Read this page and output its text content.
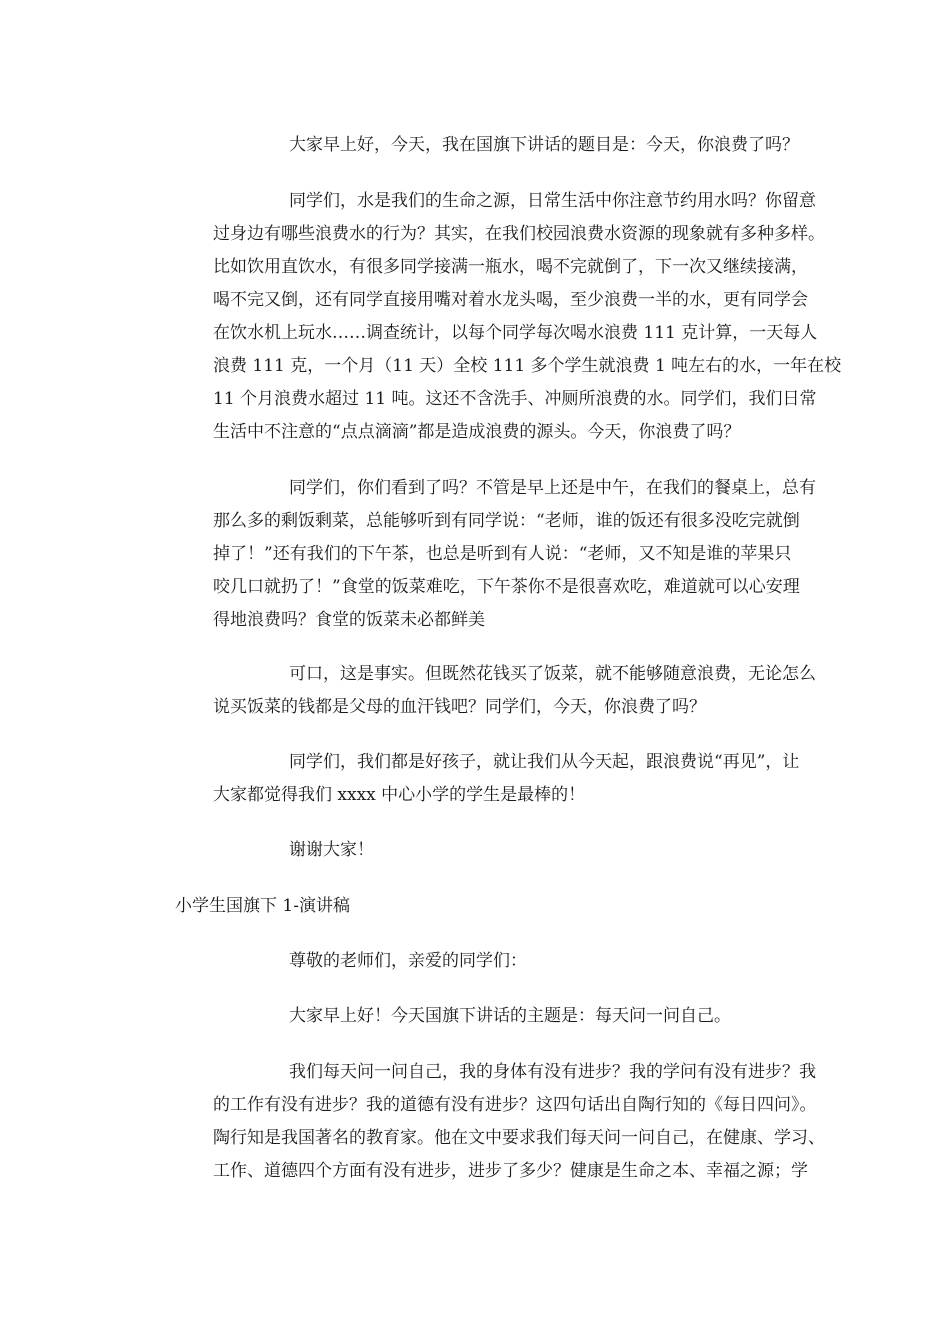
大家早上好，今天，我在国旗下讲话的题目是：今天，你浪费了吗？
同学们，水是我们的生命之源，日常生活中你注意节约用水吗？你留意
过身边有哪些浪费水的行为？其实，在我们校园浪费水资源的现象就有多种多样。
比如饮用直饮水，有很多同学接满一瓶水，喝不完就倒了，下一次又继续接满，
喝不完又倒，还有同学直接用嘴对着水龙头喝，至少浪费一半的水，更有同学会
在饮水机上玩水……调查统计，以每个同学每次喝水浪费 111 克计算，一天每人
浪费 111 克，一个月（11 天）全校 111 多个学生就浪费 1 吨左右的水，一年在校
11 个月浪费水超过 11 吨。这还不含洗手、冲厕所浪费的水。同学们，我们日常
生活中不注意的“点点滴滴”都是造成浪费的源头。今天，你浪费了吗？
同学们，你们看到了吗？不管是早上还是中午，在我们的餐桌上，总有
那么多的剩饭剩菜，总能够听到有同学说：“老师，谁的饭还有很多没吃完就倒
掉了！”还有我们的下午茶，也总是听到有人说：“老师，又不知是谁的苹果只
咬几口就扔了！”食堂的饭菜难吃，下午茶你不是很喜欢吃，难道就可以心安理
得地浪费吗？食堂的饭菜未必都鲜美
可口，这是事实。但既然花钱买了饭菜，就不能够随意浪费，无论怎么
说买饭菜的钱都是父母的血汗钱吧？同学们，今天，你浪费了吗？
同学们，我们都是好孩子，就让我们从今天起，跟浪费说“再见”，让
大家都觉得我们 xxxx 中心小学的学生是最棒的！
谢谢大家！
小学生国旗下 1-演讲稿
尊敬的老师们，亲爱的同学们：
大家早上好！今天国旗下讲话的主题是：每天问一问自己。
我们每天问一问自己，我的身体有没有进步？我的学问有没有进步？我
的工作有没有进步？我的道德有没有进步？这四句话出自陶行知的《每日四问》。
陶行知是我国著名的教育家。他在文中要求我们每天问一问自己，在健康、学习、
工作、道德四个方面有没有进步，进步了多少？健康是生命之本、幸福之源；学
